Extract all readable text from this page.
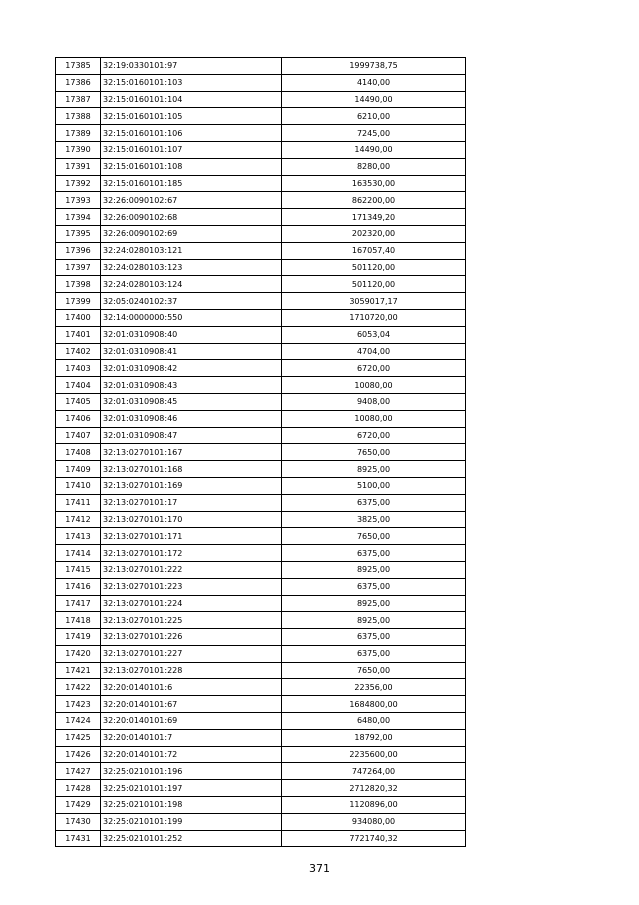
17385	32:19:0330101:97	1999738,75
17386	32:15:0160101:103	4140,00
17387	32:15:0160101:104	14490,00
17388	32:15:0160101:105	6210,00
17389	32:15:0160101:106	7245,00
17390	32:15:0160101:107	14490,00
17391	32:15:0160101:108	8280,00
17392	32:15:0160101:185	163530,00
17393	32:26:0090102:67	862200,00
17394	32:26:0090102:68	171349,20
17395	32:26:0090102:69	202320,00
17396	32:24:0280103:121	167057,40
17397	32:24:0280103:123	501120,00
17398	32:24:0280103:124	501120,00
17399	32:05:0240102:37	3059017,17
17400	32:14:0000000:550	1710720,00
17401	32:01:0310908:40	6053,04
17402	32:01:0310908:41	4704,00
17403	32:01:0310908:42	6720,00
17404	32:01:0310908:43	10080,00
17405	32:01:0310908:45	9408,00
17406	32:01:0310908:46	10080,00
17407	32:01:0310908:47	6720,00
17408	32:13:0270101:167	7650,00
17409	32:13:0270101:168	8925,00
17410	32:13:0270101:169	5100,00
17411	32:13:0270101:17	6375,00
17412	32:13:0270101:170	3825,00
17413	32:13:0270101:171	7650,00
17414	32:13:0270101:172	6375,00
17415	32:13:0270101:222	8925,00
17416	32:13:0270101:223	6375,00
17417	32:13:0270101:224	8925,00
17418	32:13:0270101:225	8925,00
17419	32:13:0270101:226	6375,00
17420	32:13:0270101:227	6375,00
17421	32:13:0270101:228	7650,00
17422	32:20:0140101:6	22356,00
17423	32:20:0140101:67	1684800,00
17424	32:20:0140101:69	6480,00
17425	32:20:0140101:7	18792,00
17426	32:20:0140101:72	2235600,00
17427	32:25:0210101:196	747264,00
17428	32:25:0210101:197	2712820,32
17429	32:25:0210101:198	1120896,00
17430	32:25:0210101:199	934080,00
17431	32:25:0210101:252	7721740,32
371
